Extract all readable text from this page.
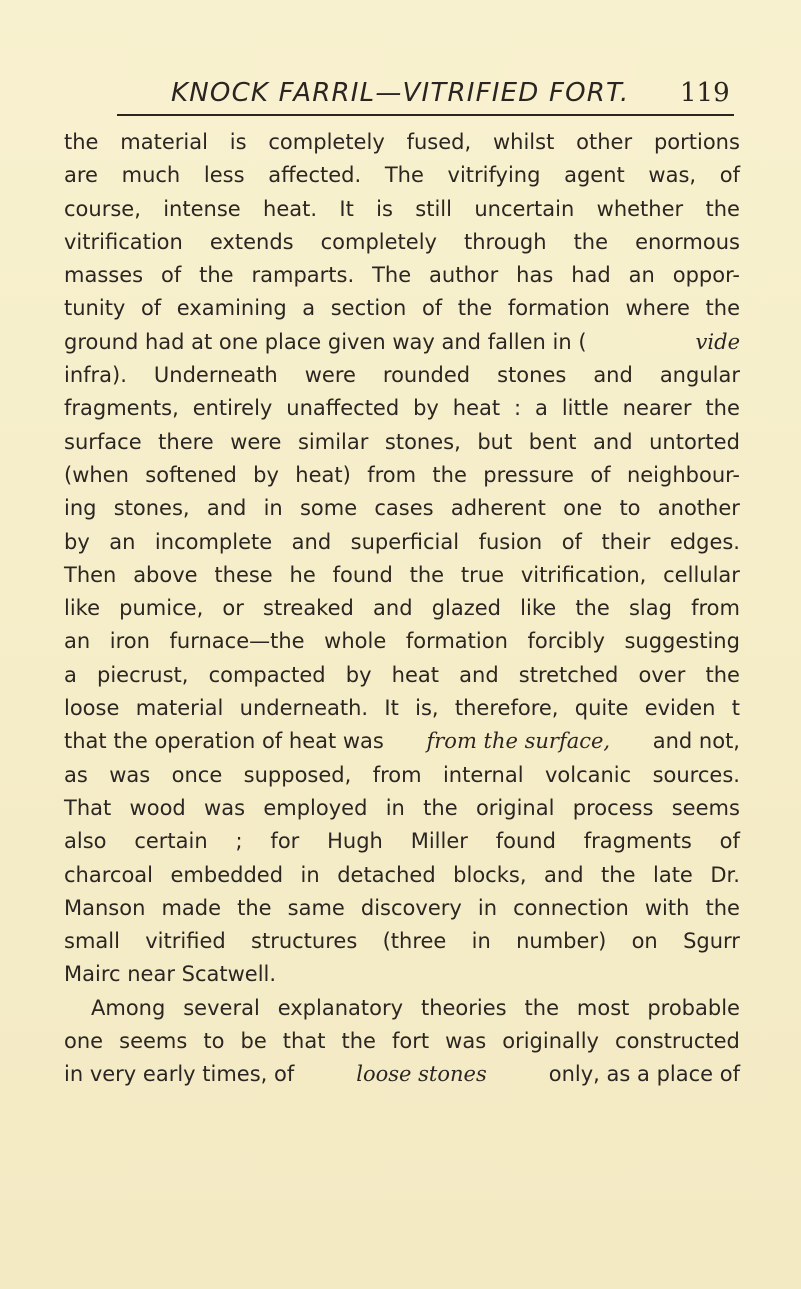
KNOCK FARRIL—VITRIFIED FORT. 119
the material is completely fused, whilst other portions
are much less affected. The vitrifying agent was, of
course, intense heat. It is still uncertain whether the
vitrification extends completely through the enormous
masses of the ramparts. The author has had an oppor-
tunity of examining a section of the formation where the
ground had at one place given way and fallen in (	vide
infra). Underneath were rounded stones and angular
fragments, entirely unaffected by heat : a little nearer the
surface there were similar stones, but bent and untorted
(when softened by heat) from the pressure of neighbour-
ing stones, and in some cases adherent one to another
by an incomplete and superficial fusion of their edges.
Then above these he found the true vitrification, cellular
like pumice, or streaked and glazed like the slag from
an iron furnace—the whole formation forcibly suggesting
a piecrust, compacted by heat and stretched over the
loose material underneath. It is, therefore, quite eviden t
that the operation of heat was from the surface, and not,
as was once supposed, from internal volcanic sources.
That wood was employed in the original process seems
also certain ; for Hugh Miller found fragments of
charcoal embedded in detached blocks, and the late Dr.
Manson made the same discovery in connection with the
small vitrified structures (three in number) on Sgurr
Mairc near Scatwell.
Among several explanatory theories the most probable
one seems to be that the fort was originally constructed
in very early times, of	loose stones	only, as a place of
